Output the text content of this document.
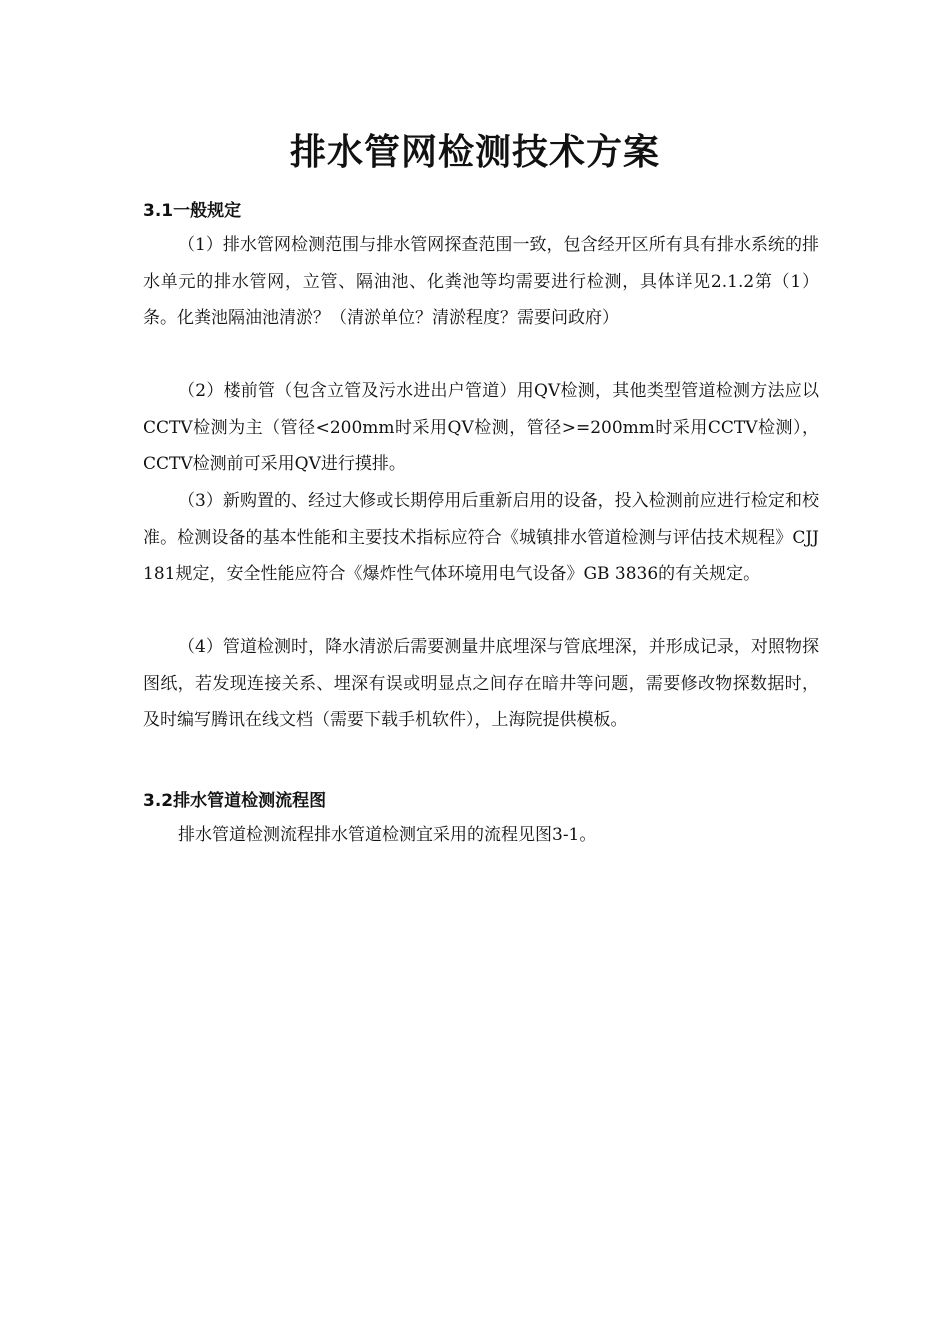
排水管网检测技术方案
3.1一般规定

（1）排水管网检测范围与排水管网探查范围一致，包含经开区所有具有排水系统的排水单元的排水管网，立管、隔油池、化粪池等均需要进行检测，具体详见2.1.2第（1）条。化粪池隔油池清淤？（清淤单位？清淤程度？需要问政府）

（2）楼前管（包含立管及污水进出户管道）用QV检测，其他类型管道检测方法应以CCTV检测为主（管径<200mm时采用QV检测，管径>=200mm时采用CCTV检测），CCTV检测前可采用QV进行摸排。

（3）新购置的、经过大修或长期停用后重新启用的设备，投入检测前应进行检定和校准。检测设备的基本性能和主要技术指标应符合《城镇排水管道检测与评估技术规程》CJJ 181规定，安全性能应符合《爆炸性气体环境用电气设备》GB 3836的有关规定。

（4）管道检测时，降水清淤后需要测量井底埋深与管底埋深，并形成记录，对照物探图纸，若发现连接关系、埋深有误或明显点之间存在暗井等问题，需要修改物探数据时，及时编写腾讯在线文档（需要下载手机软件），上海院提供模板。

3.2排水管道检测流程图

排水管道检测流程排水管道检测宜采用的流程见图3-1。
